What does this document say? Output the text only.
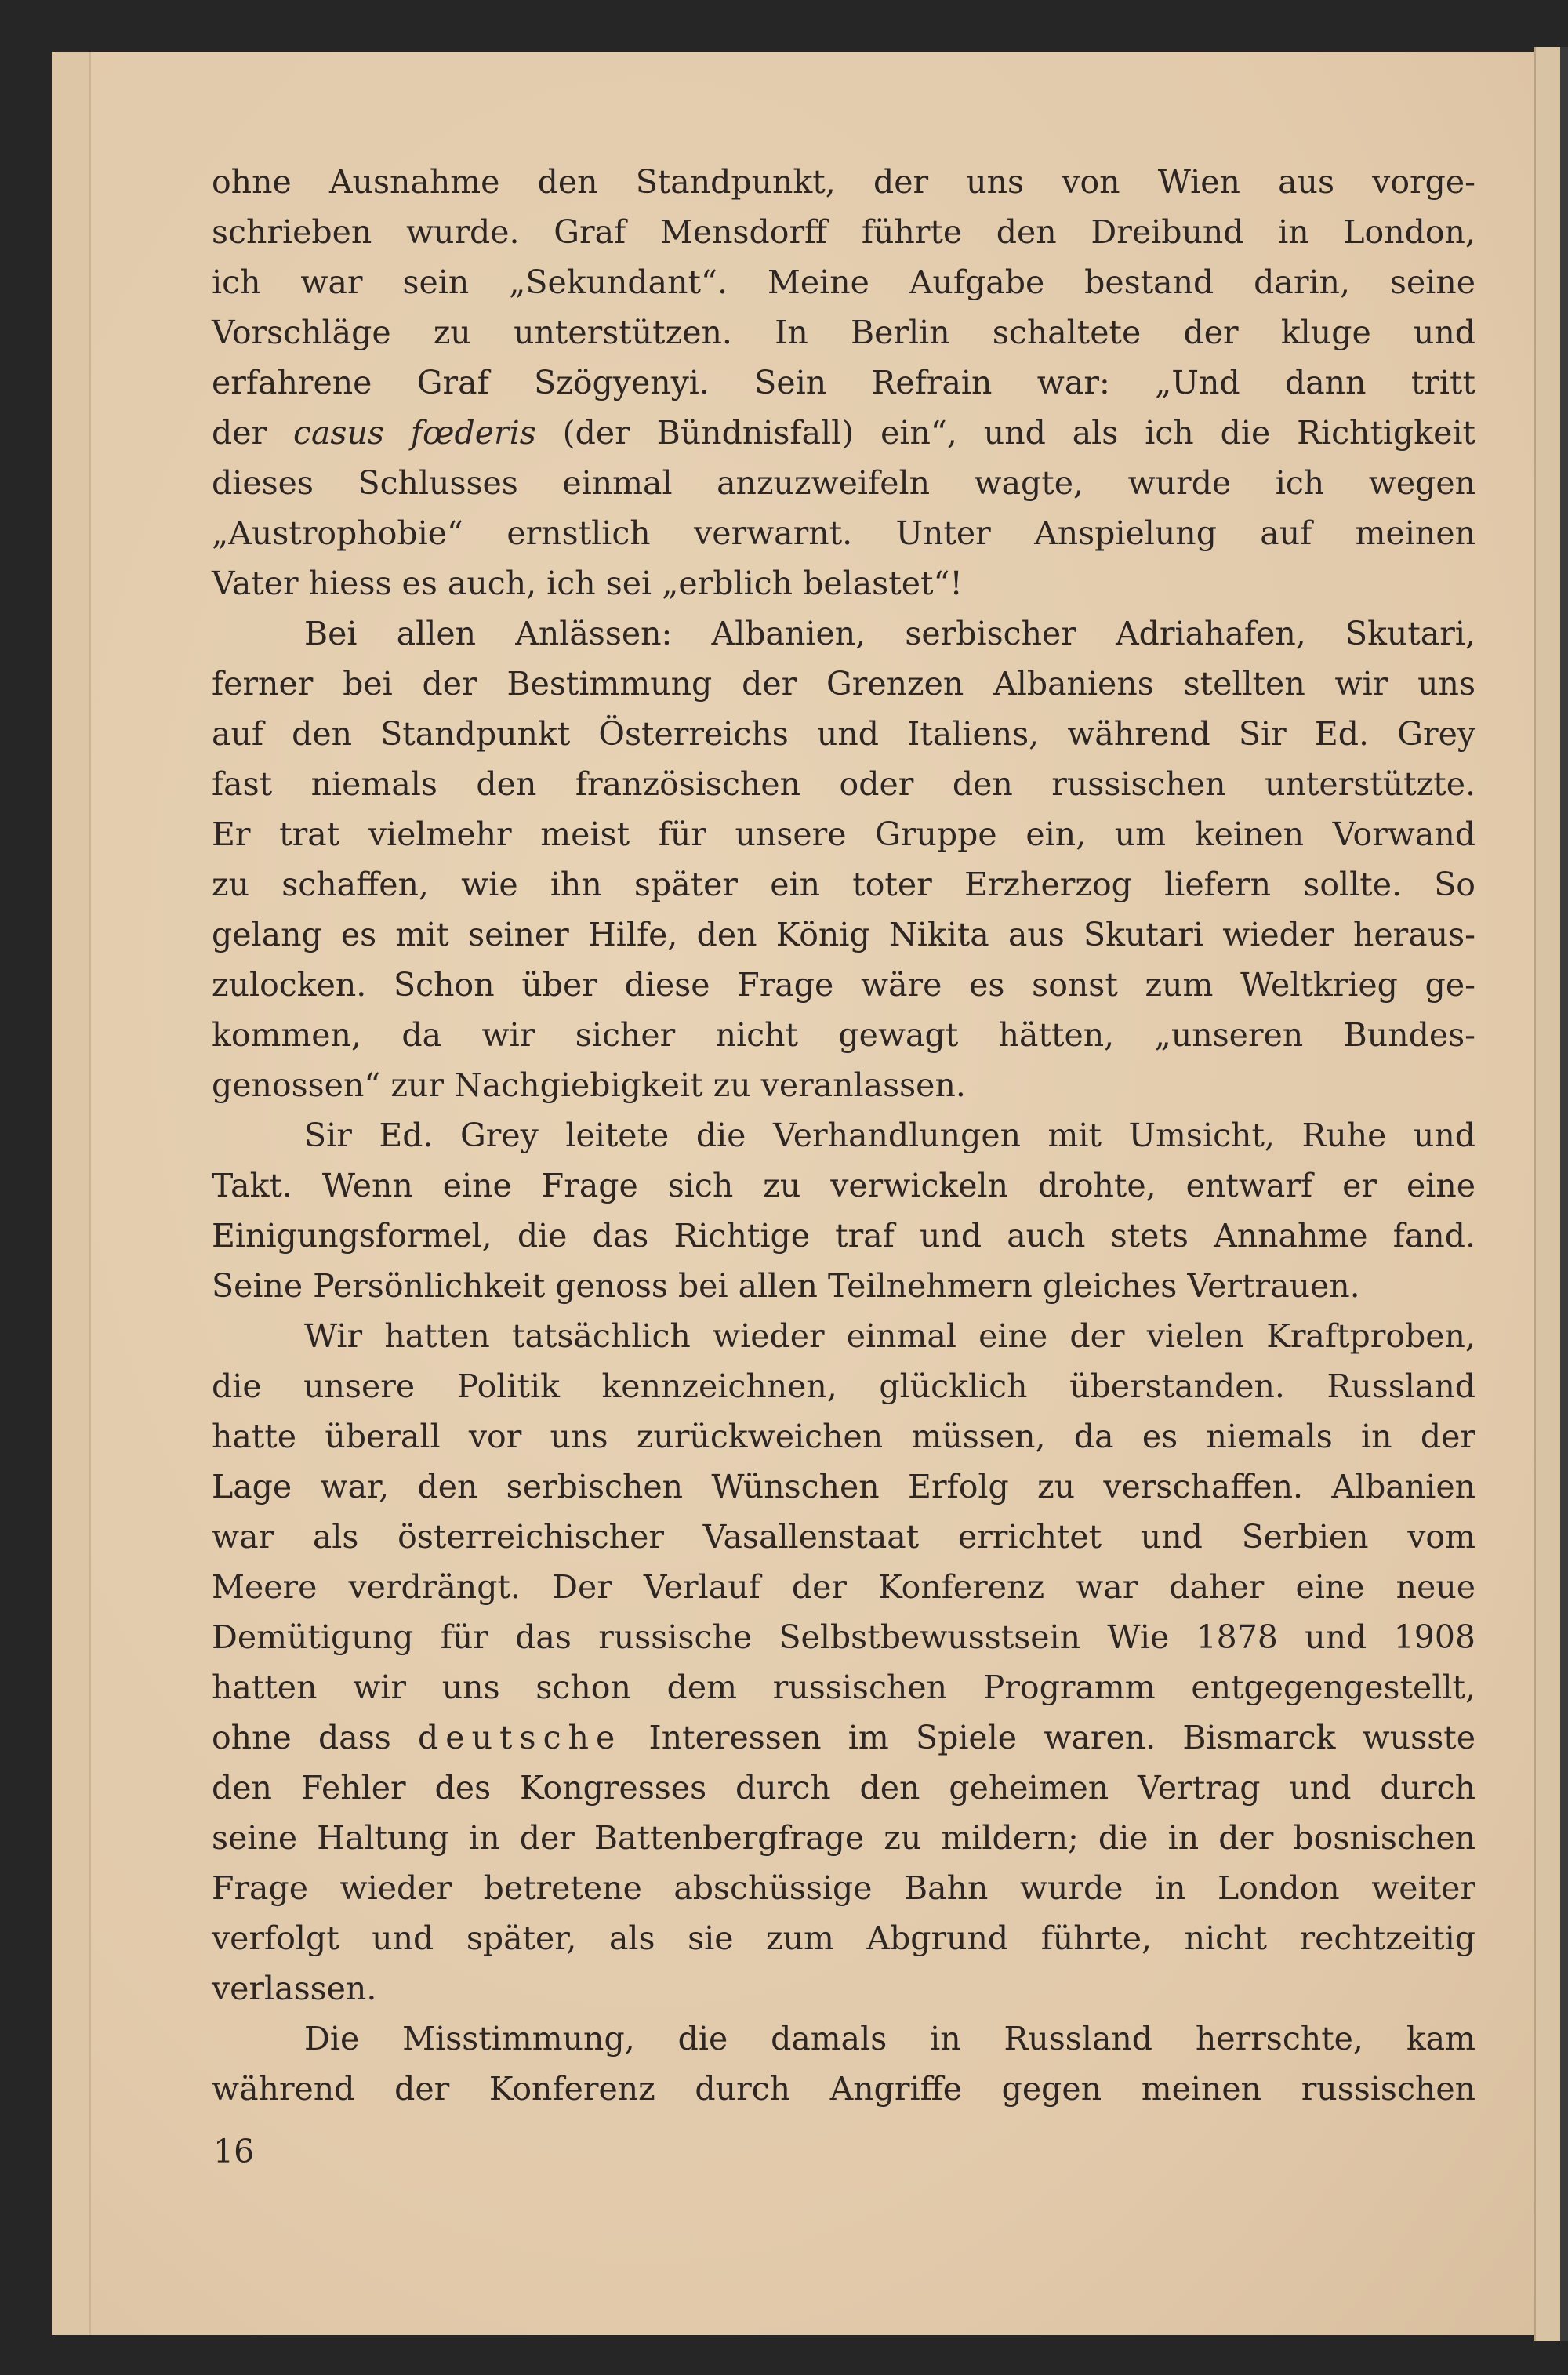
ohne Ausnahme den Standpunkt, der uns von Wien aus vorge-
schrieben wurde. Graf Mensdorff führte den Dreibund in London,
ich war sein „Sekundant“. Meine Aufgabe bestand darin, seine
Vorschläge zu unterstützen. In Berlin schaltete der kluge und
erfahrene Graf Szögyenyi. Sein Refrain war: „Und dann tritt
der casus fœderis (der Bündnisfall) ein“, und als ich die Richtigkeit
dieses Schlusses einmal anzuzweifeln wagte, wurde ich wegen
„Austrophobie“ ernstlich verwarnt. Unter Anspielung auf meinen
Vater hiess es auch, ich sei „erblich belastet“!
Bei allen Anlässen: Albanien, serbischer Adriahafen, Skutari,
ferner bei der Bestimmung der Grenzen Albaniens stellten wir uns
auf den Standpunkt Österreichs und Italiens, während Sir Ed. Grey
fast niemals den französischen oder den russischen unterstützte.
Er trat vielmehr meist für unsere Gruppe ein, um keinen Vorwand
zu schaffen, wie ihn später ein toter Erzherzog liefern sollte. So
gelang es mit seiner Hilfe, den König Nikita aus Skutari wieder heraus-
zulocken. Schon über diese Frage wäre es sonst zum Weltkrieg ge-
kommen, da wir sicher nicht gewagt hätten, „unseren Bundes-
genossen“ zur Nachgiebigkeit zu veranlassen.
Sir Ed. Grey leitete die Verhandlungen mit Umsicht, Ruhe und
Takt. Wenn eine Frage sich zu verwickeln drohte, entwarf er eine
Einigungsformel, die das Richtige traf und auch stets Annahme fand.
Seine Persönlichkeit genoss bei allen Teilnehmern gleiches Vertrauen.
Wir hatten tatsächlich wieder einmal eine der vielen Kraftproben,
die unsere Politik kennzeichnen, glücklich überstanden. Russland
hatte überall vor uns zurückweichen müssen, da es niemals in der
Lage war, den serbischen Wünschen Erfolg zu verschaffen. Albanien
war als österreichischer Vasallenstaat errichtet und Serbien vom
Meere verdrängt. Der Verlauf der Konferenz war daher eine neue
Demütigung für das russische Selbstbewusstsein Wie 1878 und 1908
hatten wir uns schon dem russischen Programm entgegengestellt,
ohne dass deutsche Interessen im Spiele waren. Bismarck wusste
den Fehler des Kongresses durch den geheimen Vertrag und durch
seine Haltung in der Battenbergfrage zu mildern; die in der bosnischen
Frage wieder betretene abschüssige Bahn wurde in London weiter
verfolgt und später, als sie zum Abgrund führte, nicht rechtzeitig
verlassen.
Die Misstimmung, die damals in Russland herrschte, kam
während der Konferenz durch Angriffe gegen meinen russischen
16
